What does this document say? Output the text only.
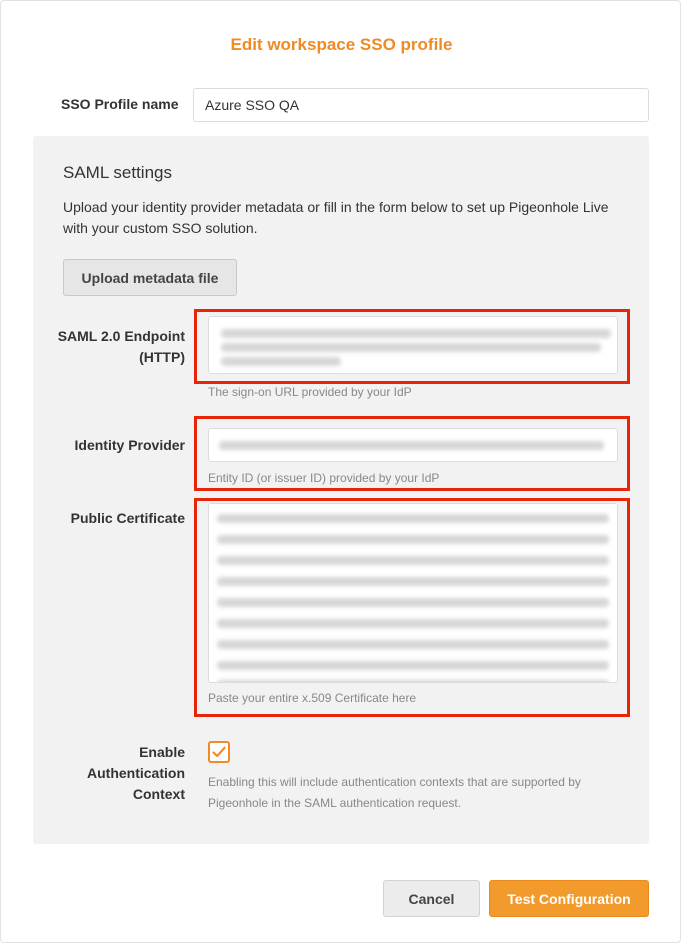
Edit workspace SSO profile
SSO Profile name
Azure SSO QA
SAML settings
Upload your identity provider metadata or fill in the form below to set up Pigeonhole Live with your custom SSO solution.
Upload metadata file
SAML 2.0 Endpoint
(HTTP)
The sign-on URL provided by your IdP
Identity Provider
Entity ID (or issuer ID) provided by your IdP
Public Certificate
Paste your entire x.509 Certificate here
Enable
Authentication
Context
Enabling this will include authentication contexts that are supported by Pigeonhole in the SAML authentication request.
Cancel	Test Configuration
